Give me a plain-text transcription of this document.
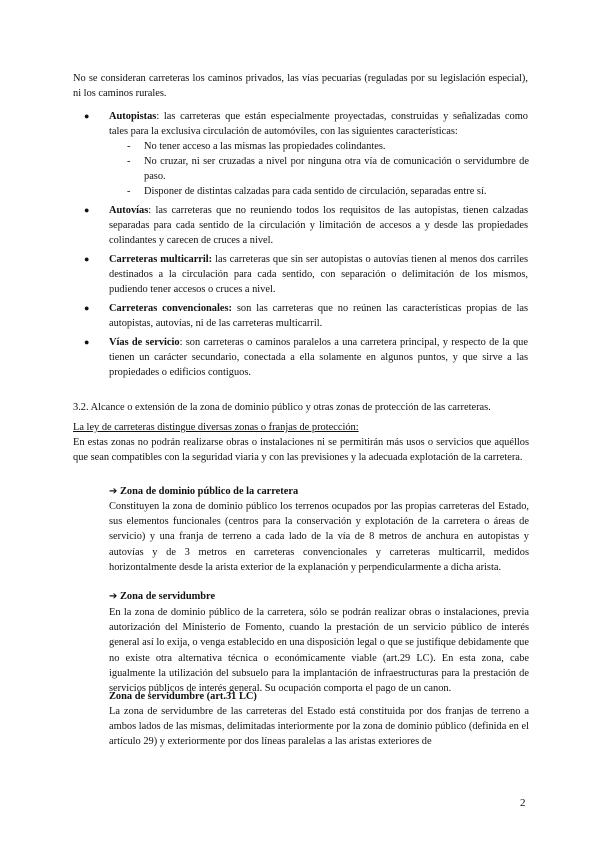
No se consideran carreteras los caminos privados, las vías pecuarias (reguladas por su legislación especial), ni los caminos rurales.

● Autopistas: las carreteras que están especialmente proyectadas, construidas y señalizadas como tales para la exclusiva circulación de automóviles, con las siguientes características:

- No tener acceso a las mismas las propiedades colindantes.

- No cruzar, ni ser cruzadas a nivel por ninguna otra vía de comunicación o servidumbre de paso.

- Disponer de distintas calzadas para cada sentido de circulación, separadas entre sí.

● Autovías: las carreteras que no reuniendo todos los requisitos de las autopistas, tienen calzadas separadas para cada sentido de la circulación y limitación de accesos a y desde las propiedades colindantes y carecen de cruces a nivel.

● Carreteras multicarril: las carreteras que sin ser autopistas o autovías tienen al menos dos carriles destinados a la circulación para cada sentido, con separación o delimitación de los mismos, pudiendo tener accesos o cruces a nivel.

● Carreteras convencionales: son las carreteras que no reúnen las características propias de las autopistas, autovías, ni de las carreteras multicarril.

● Vías de servicio: son carreteras o caminos paralelos a una carretera principal, y respecto de la que tienen un carácter secundario, conectada a ella solamente en algunos puntos, y que sirve a las propiedades o edificios contiguos.

3.2. Alcance o extensión de la zona de dominio público y otras zonas de protección de las carreteras.

La ley de carreteras distingue diversas zonas o franjas de protección:

En estas zonas no podrán realizarse obras o instalaciones ni se permitirán más usos o servicios que aquéllos que sean compatibles con la seguridad viaria y con las previsiones y la adecuada explotación de la carretera.

➔ Zona de dominio público de la carretera

Constituyen la zona de dominio público los terrenos ocupados por las propias carreteras del Estado, sus elementos funcionales (centros para la conservación y explotación de la carretera o áreas de servicio) y una franja de terreno a cada lado de la vía de 8 metros de anchura en autopistas y autovías y de 3 metros en carreteras convencionales y carreteras multicarril, medidos horizontalmente desde la arista exterior de la explanación y perpendicularmente a dicha arista.

➔ Zona de servidumbre

En la zona de dominio público de la carretera, sólo se podrán realizar obras o instalaciones, previa autorización del Ministerio de Fomento, cuando la prestación de un servicio público de interés general así lo exija, o venga establecido en una disposición legal o que se justifique debidamente que no existe otra alternativa técnica o económicamente viable (art.29 LC). En esta zona, cabe igualmente la utilización del subsuelo para la implantación de infraestructuras para la prestación de servicios públicos de interés general. Su ocupación comporta el pago de un canon.

Zona de servidumbre (art.31 LC)

La zona de servidumbre de las carreteras del Estado está constituida por dos franjas de terreno a ambos lados de las mismas, delimitadas interiormente por la zona de dominio público (definida en el artículo 29) y exteriormente por dos líneas paralelas a las aristas exteriores de

2
